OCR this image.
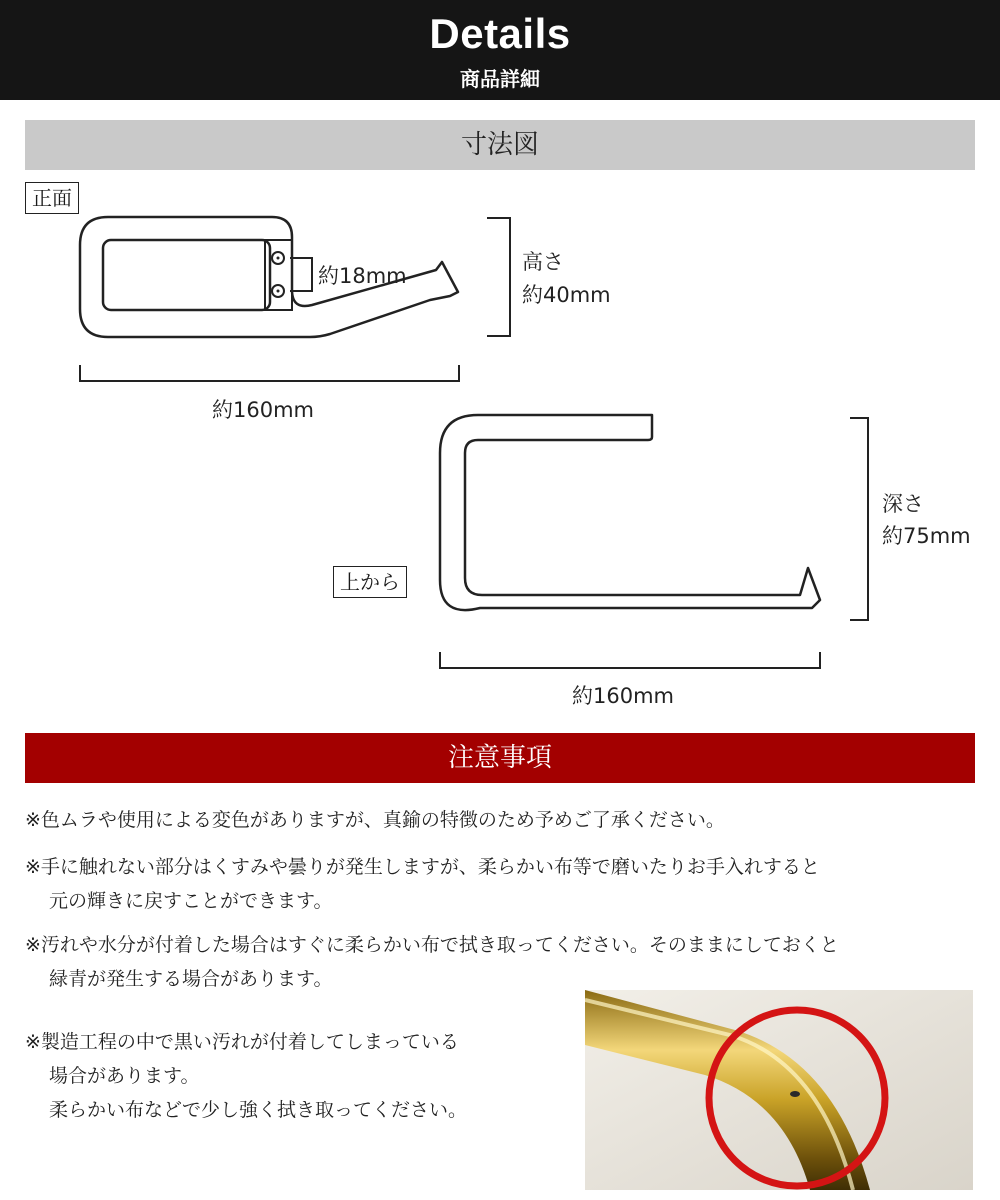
Details
商品詳細
寸法図
正面
約18mm
高さ
約40mm
約160mm
上から
深さ
約75mm
約160mm
注意事項
※色ムラや使用による変色がありますが、真鍮の特徴のため予めご了承ください。
※手に触れない部分はくすみや曇りが発生しますが、柔らかい布等で磨いたりお手入れすると
元の輝きに戻すことができます。
※汚れや水分が付着した場合はすぐに柔らかい布で拭き取ってください。そのままにしておくと
緑青が発生する場合があります。
※製造工程の中で黒い汚れが付着してしまっている
場合があります。
柔らかい布などで少し強く拭き取ってください。
